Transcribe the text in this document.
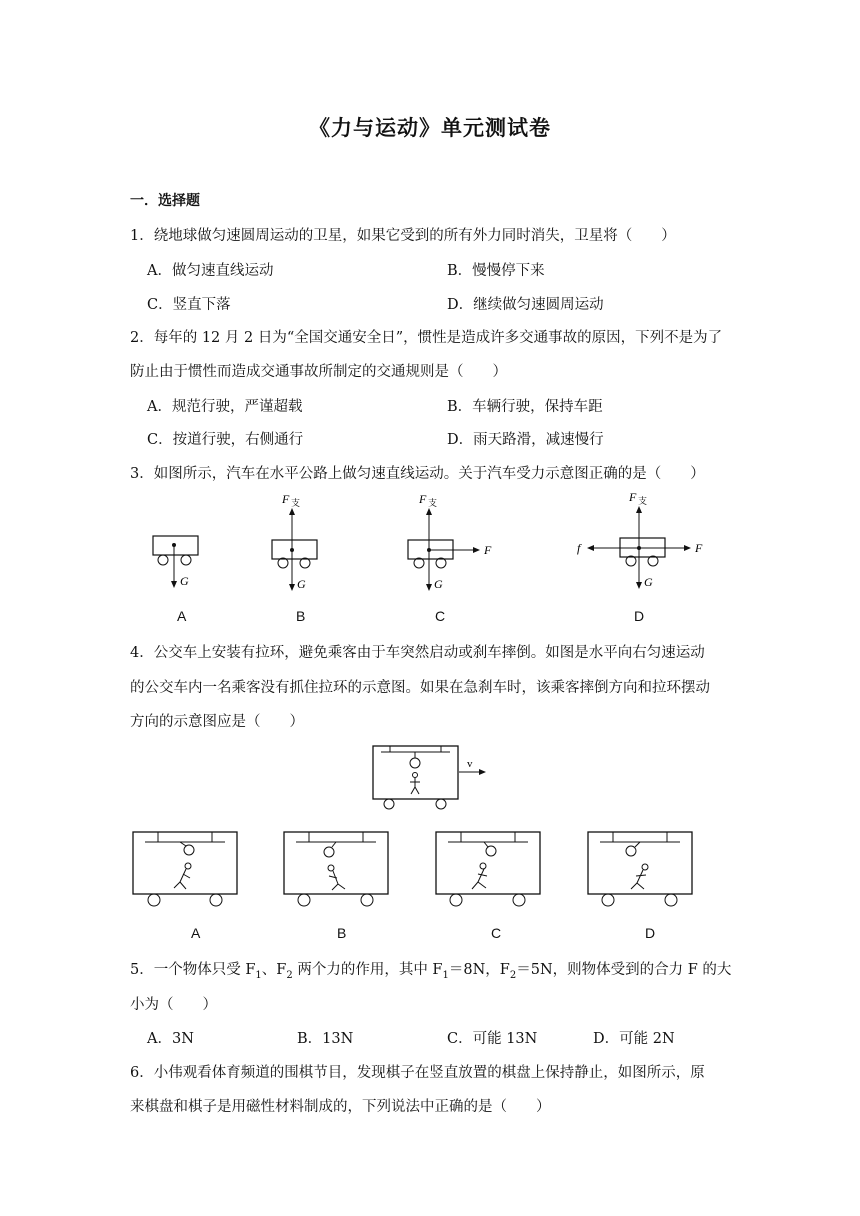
《力与运动》单元测试卷
一．选择题
1．绕地球做匀速圆周运动的卫星，如果它受到的所有外力同时消失，卫星将（　　）
A．做匀速直线运动	B．慢慢停下来
C．竖直下落	D．继续做匀速圆周运动
2．每年的 12 月 2 日为“全国交通安全日”，惯性是造成许多交通事故的原因，下列不是为了
防止由于惯性而造成交通事故所制定的交通规则是（　　）
A．规范行驶，严谨超载	B．车辆行驶，保持车距
C．按道行驶，右侧通行	D．雨天路滑，减速慢行
3．如图所示，汽车在水平公路上做匀速直线运动。关于汽车受力示意图正确的是（　　）
G
F 支
G
F 支
G
F
F 支
G
F
f
A	B	C	D
4．公交车上安装有拉环，避免乘客由于车突然启动或刹车摔倒。如图是水平向右匀速运动
的公交车内一名乘客没有抓住拉环的示意图。如果在急刹车时，该乘客摔倒方向和拉环摆动
方向的示意图应是（　　）
v
A	B	C	D
5．一个物体只受 $F_1$、$F_2$ 两个力的作用，其中 $F_1=8N$，$F_2=5N$，则物体受到的合力 F 的大
小为（　　）
A．3N	B．13N	C．可能 13N	D．可能 2N
6．小伟观看体育频道的围棋节目，发现棋子在竖直放置的棋盘上保持静止，如图所示，原
来棋盘和棋子是用磁性材料制成的，下列说法中正确的是（　　）
